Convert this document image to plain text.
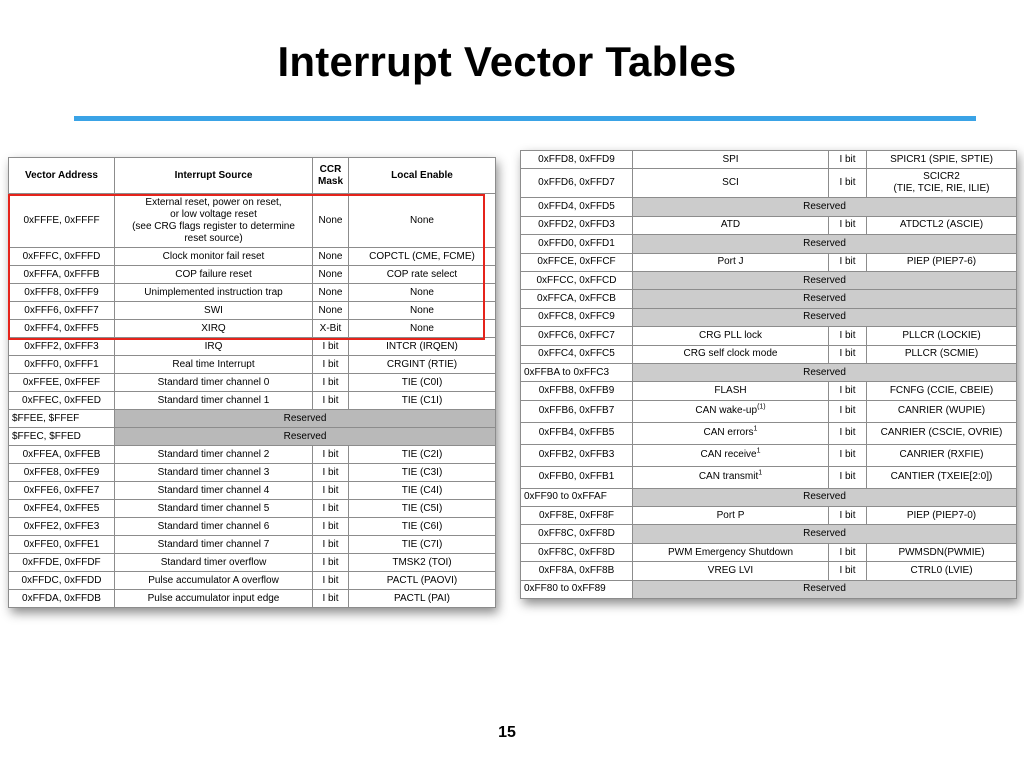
Interrupt Vector Tables
Vector Address	Interrupt Source	CCR Mask	Local Enable
0xFFFE, 0xFFFF	External reset, power on reset,
or low voltage reset
(see CRG flags register to determine
reset source)	None	None
0xFFFC, 0xFFFD	Clock monitor fail reset	None	COPCTL (CME, FCME)
0xFFFA, 0xFFFB	COP failure reset	None	COP rate select
0xFFF8, 0xFFF9	Unimplemented instruction trap	None	None
0xFFF6, 0xFFF7	SWI	None	None
0xFFF4, 0xFFF5	XIRQ	X-Bit	None
0xFFF2, 0xFFF3	IRQ	I bit	INTCR (IRQEN)
0xFFF0, 0xFFF1	Real time Interrupt	I bit	CRGINT (RTIE)
0xFFEE, 0xFFEF	Standard timer channel 0	I bit	TIE (C0I)
0xFFEC, 0xFFED	Standard timer channel 1	I bit	TIE (C1I)
$FFEE, $FFEF	Reserved		
$FFEC, $FFED	Reserved		
0xFFEA, 0xFFEB	Standard timer channel 2	I bit	TIE (C2I)
0xFFE8, 0xFFE9	Standard timer channel 3	I bit	TIE (C3I)
0xFFE6, 0xFFE7	Standard timer channel 4	I bit	TIE (C4I)
0xFFE4, 0xFFE5	Standard timer channel 5	I bit	TIE (C5I)
0xFFE2, 0xFFE3	Standard timer channel 6	I bit	TIE (C6I)
0xFFE0, 0xFFE1	Standard timer channel 7	I bit	TIE (C7I)
0xFFDE, 0xFFDF	Standard timer overflow	I bit	TMSK2 (TOI)
0xFFDC, 0xFFDD	Pulse accumulator A overflow	I bit	PACTL (PAOVI)
0xFFDA, 0xFFDB	Pulse accumulator input edge	I bit	PACTL (PAI)
0xFFD8, 0xFFD9	SPI	I bit	SPICR1 (SPIE, SPTIE)
0xFFD6, 0xFFD7	SCI	I bit	SCICR2
(TIE, TCIE, RIE, ILIE)
0xFFD4, 0xFFD5	Reserved		
0xFFD2, 0xFFD3	ATD	I bit	ATDCTL2 (ASCIE)
0xFFD0, 0xFFD1	Reserved		
0xFFCE, 0xFFCF	Port J	I bit	PIEP (PIEP7-6)
0xFFCC, 0xFFCD	Reserved		
0xFFCA, 0xFFCB	Reserved		
0xFFC8, 0xFFC9	Reserved		
0xFFC6, 0xFFC7	CRG PLL lock	I bit	PLLCR (LOCKIE)
0xFFC4, 0xFFC5	CRG self clock mode	I bit	PLLCR (SCMIE)
0xFFBA to 0xFFC3	Reserved		
0xFFB8, 0xFFB9	FLASH	I bit	FCNFG (CCIE, CBEIE)
0xFFB6, 0xFFB7	CAN wake-$up^{(1)}$	I bit	CANRIER (WUPIE)
0xFFB4, 0xFFB5	CAN errors$^1$	I bit	CANRIER (CSCIE, OVRIE)
0xFFB2, 0xFFB3	CAN receive$^1$	I bit	CANRIER (RXFIE)
0xFFB0, 0xFFB1	CAN transmit$^1$	I bit	CANTIER (TXEIE[2:0])
0xFF90 to 0xFFAF	Reserved		
0xFF8E, 0xFF8F	Port P	I bit	PIEP (PIEP7-0)
0xFF8C, 0xFF8D	Reserved		
0xFF8C, 0xFF8D	PWM Emergency Shutdown	I bit	PWMSDN(PWMIE)
0xFF8A, 0xFF8B	VREG LVI	I bit	CTRL0 (LVIE)
0xFF80 to 0xFF89	Reserved		
15
